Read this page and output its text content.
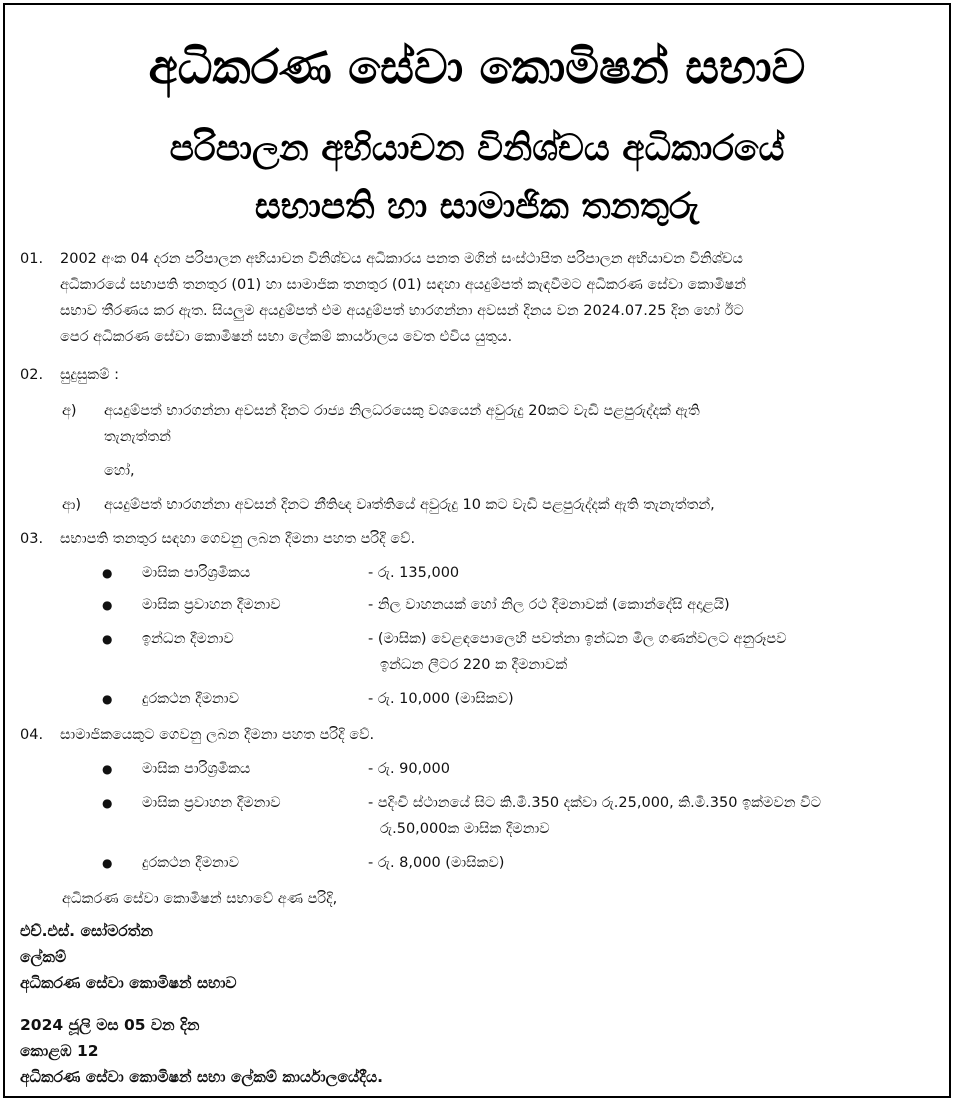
අධිකරණ සේවා කොමිෂන් සභාව
පරිපාලන අභියාචන විනිශ්චය අධිකාරයේ
සභාපති හා සාමාජික තනතුරු
01. 2002 අංක 04 දරන පරිපාලන අභියාචන විනිශ්චය අධිකාරය පනත මගින් සංස්ථාපිත පරිපාලන අභියාචන විනිශ්චය
අධිකාරයේ සභාපති තනතුර (01) හා සාමාජික තනතුර (01) සඳහා අයදුම්පත් කැඳවීමට අධිකරණ සේවා කොමිෂන්
සභාව තීරණය කර ඇත. සියලුම අයදුම්පත් එම අයදුම්පත් භාරගන්නා අවසන් දිනය වන 2024.07.25 දින හෝ ඊට
පෙර අධිකරණ සේවා කොමිෂන් සභා ලේකම් කාර්යාලය වෙත එවිය යුතුය.
02. සුදුසුකම් :
අ) අයදුම්පත් භාරගන්නා අවසන් දිනට රාජ්‍ය නිලධරයෙකු වශයෙන් අවුරුදු 20කට වැඩි පළපුරුද්දක් ඇති
තැනැත්තන්
හෝ,
ආ) අයදුම්පත් භාරගන්නා අවසන් දිනට නීතිඥ වෘත්තියේ අවුරුදු 10 කට වැඩි පළපුරුද්දක් ඇති තැනැත්තන්,
03. සභාපති තනතුර සඳහා ගෙවනු ලබන දීමනා පහත පරිදි වේ.
● මාසික පාරිශ්‍රමිකය	- රු. 135,000
● මාසික ප්‍රවාහන දීමනාව	- නිල වාහනයක් හෝ නිල රථ දීමනාවක් (කොන්දේසි අදාළයි)
● ඉන්ධන දීමනාව	- (මාසික) වෙළඳපොලෙහි පවත්නා ඉන්ධන මිල ගණන්වලට අනුරූපව
ඉන්ධන ලීටර 220 ක දීමනාවක්
● දුරකථන දීමනාව	- රු. 10,000 (මාසිකව)
04. සාමාජිකයෙකුට ගෙවනු ලබන දීමනා පහත පරිදි වේ.
● මාසික පාරිශ්‍රමිකය	- රු. 90,000
● මාසික ප්‍රවාහන දීමනාව	- පදිංචි ස්ථානයේ සිට කි.මී.350 දක්වා රු.25,000, කි.මී.350 ඉක්මවන විට
රු.50,000ක මාසික දීමනාව
● දුරකථන දීමනාව	- රු. 8,000 (මාසිකව)
අධිකරණ සේවා කොමිෂන් සභාවේ අණ පරිදි,
එච්.එස්. සෝමරත්න
ලේකම්
අධිකරණ සේවා කොමිෂන් සභාව
2024 ජූලි මස 05 වන දින
කොළඹ 12
අධිකරණ සේවා කොමිෂන් සභා ලේකම් කාර්යාලයේදීය.
